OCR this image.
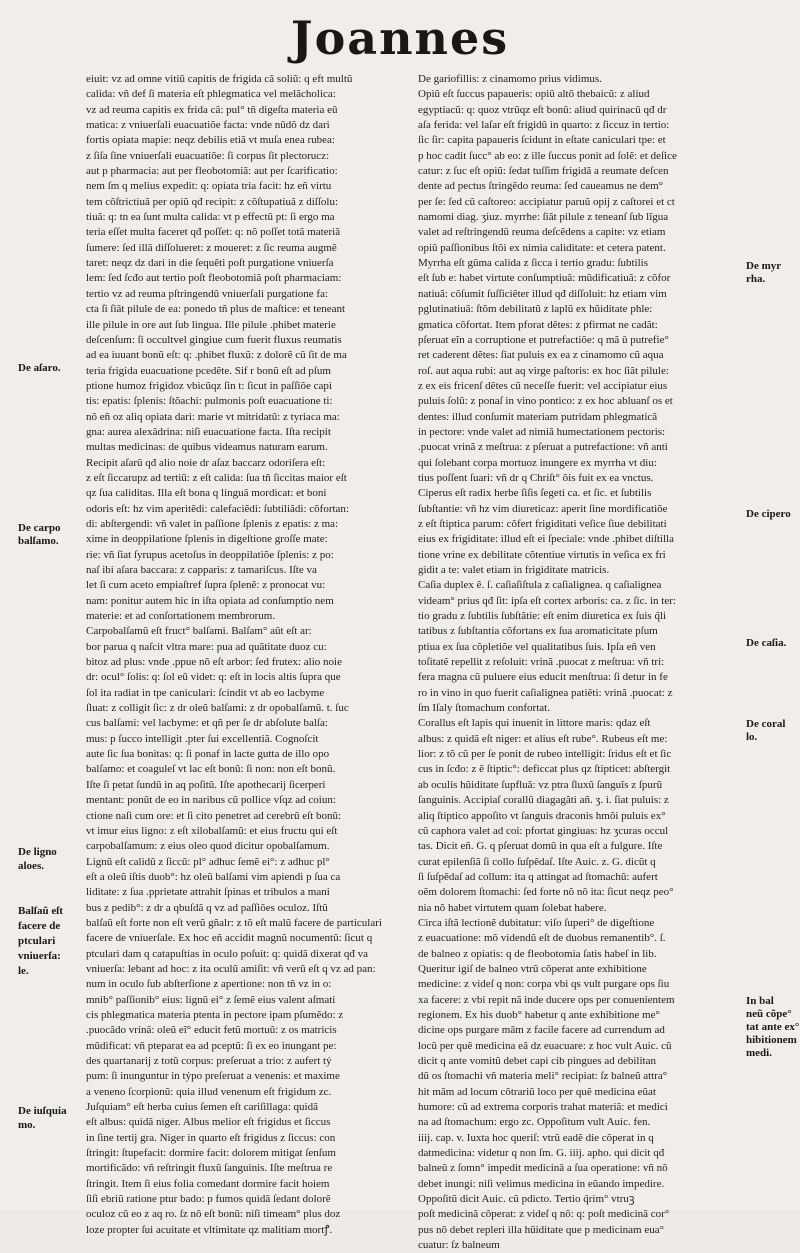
Joannes
eiuit: vz ad omne vitiũ capitis de frigida cã soliũ: q eft multũ
calida: vñ def ſi materia eſt phlegmatica vel melãcholica:
vz ad reuma capitis ex frida cã: pul° tñ digeſta materia eũ
matica: z vniuerſali euacuatiõe facta: vnde nũdõ dz dari
fortis opiata mapie: neqz debilis etiã vt muſa enea rubea:
z ſiſa ſine vniuerſali euacuatiõe: ſi corpus ſit plectorucz:
aut p pharmacia: aut per fleobotomiã: aut per ſcarificatio:
nem ſm q melius expedit: q: opiata tria facit: hz eñ virtu
tem cõſtrictiuã per opiũ qđ recipit: z cõſtupatiuã z diſſolu:
tiuã: q: tn ea ſunt multa calida: vt p effectũ pt: ſi ergo ma
teria eſſet multa faceret qđ poſſet: q: nõ poſſet totã materiã
ſumere: ſed illã diſſolueret: z moueret: z ſic reuma augmẽ
taret: neqz dz dari in die ſequẽti poſt purgatione vniuerſa
lem: ſed ſcđo aut tertio poſt fleobotomiã poſt pharmaciam:
tertio vz ad reuma pſtringendũ vniuerſali purgatione fa:
cta ſi ſiãt pilule de ea: ponedo tñ plus de maſtice: et teneant
ille pilule in ore aut ſub lingua. Ille pilule .phibet materie
deſcenſum: ſi occultvel gingiue cum fuerit fluxus reumatis
ad ea iuuant bonũ eſt: q: .phibet fluxũ: z dolorẽ cũ ſit de ma
teria frigida euacuatione pcedẽte. Sif r bonũ eſt ad pſum
ptione humoz frigidoz vbicũqz ſin t: ſicut in paſſiõe capi
tis: epatis: ſplenis: ſtõachi: pulmonis poſt euacuatione ti:
nõ eñ oz aliq opiata dari: marie vt mitridatũ: z tyriaca ma:
gna: aurea alexãdrina: niſi euacuatione facta. Iſta recipit
multas medicinas: de quibus videamus naturam earum.
Recipit aſarũ qđ alio noie dr aſaz baccarz odoriſera eſt:
z eſt ſiccarupz ad tertiũ: z eſt calida: ſua tñ ſiccitas maior eſt
qz ſua caliditas. Illa eſt bona q linguã mordicat: et boni
odoris eſt: hz vim aperitẽdi: calefaciẽdi: ſubtiliãdi: cõfortan:
di: abſtergendi: vñ valet in paſſione ſplenis z epatis: z ma:
xime in deoppilatione ſplenis in digeſtione groſſe mate:
rie: vñ ſiat ſyrupus acetoſus in deoppilatiõe ſplenis: z po:
naſ ibi aſara baccara: z capparis: z tamariſcus. Iſte va
let ſi cum aceto empiaſtref ſupra ſplenẽ: z pronocat vu:
nam: ponitur autem hic in iſta opiata ad conſumptio nem
materie: et ad conſortationem membrorum.
Carpobalſamũ eſt fruct° balſami. Balſam° aũt eſt ar:
bor parua q naſcit vltra mare: pua ad quãtitate duoz cu:
bitoz ad plus: vnde .ppue nõ eſt arbor: ſed frutex: alio noie
dr: ocul° ſolis: q: ſol eũ videt: q: eſt in locis altis ſupra que
ſol ita radiat in tpe caniculari: ſcindit vt ab eo lacbyme
ſluat: z colligit ſic: z dr oleũ balſami: z dr opobalſamũ. t. ſuc
cus balſami: vel lacbyme: et qñ per ſe dr abſolute balſa:
mus: p ſucco intelligit .pter ſui excellentiã. Cognoſcit
aute ſic ſua bonitas: q: ſi ponaf in lacte gutta de illo opo
balſamo: et coaguleſ vt lac eſt bonũ: ſi non: non eſt bonũ.
Iſte ſi petat ſundũ in aq poſitũ. Iſte apothecarij ſicerperi
mentant: ponũt de eo in naribus cũ pollice vſqz ad coiun:
ctione naſi cum ore: et ſi cito penetret ad cerebrũ eſt bonũ:
vt imur eius ligno: z eſt xilobalſamũ: et eius fructu qui eſt
carpobalſamum: z eius oleo quod dicitur opobalſamum.
Lignũ eſt calidũ z ſiccũ: pl° adhuc ſemẽ ei°: z adhuc pl°
eſt a oleũ iſtis duob°: hz oleũ balſami vim apiendi p ſua ca
liditate: z ſua .pprietate attrahit ſpinas et tribulos a mani
bus z pedib°: z dr a qbuſdã q vz ad paſſiões oculoz. Iſtũ
balſaũ eſt forte non eſt verũ gñalr: z tõ eſt malũ facere de particulari
facere de vniuerſale. Ex hoc eñ accidit magnũ nocumentũ: ſicut q
ptculari dam q catapuſtias in oculo poſuit: q: quidã dixerat qđ va
vniuerſa: lebant ad hoc: z ita oculũ amiſit: vñ verũ eſt q vz ad pan:
num in oculo ſub abſterſione z apertione: non tñ vz in o:
mnib° paſſionib° eius: lignũ ei° z ſemẽ eius valent aſmati
cis phlegmatica materia ptenta in pectore ipam pſumẽdo: z
.puocãdo vrinã: oleũ eĩ° educit fetũ mortuũ: z os matricis
mũdificat: vñ pteparat ea ad pceptũ: ſi ex eo inungant pe:
des quartanarij z totũ corpus: preſeruat a trio: z aufert tẏ
pum: ſi inunguntur in tẏpo preſeruat a venenis: et maxime
a veneno ſcorpionũ: quia illud venenum eſt frigidum zc.
Juſquiam° eſt herba cuius ſemen eſt cariſillaga: quidã
eſt albus: quidã niger. Albus melior eſt frigidus et ſiccus
in ſine tertij gra. Niger in quarto eſt frigidus z ſiccus: con
ſtringit: ſtupefacit: dormire facit: dolorem mitigat ſenſum
mortificãdo: vñ reſtringit fluxũ ſanguinis. Iſte meſtrua re
ſtringit. Item ſi eius folia comedant dormire facit hoiem
ſiſi ebriũ ratione ptur bado: p fumos quidã ſedant dolorẽ
oculoz cũ eo z aq ro. ſz nõ eſt bonũ: niſi timeam° plus doz
loze propter ſui acuitate et vltimitate qz malitiam mortꝭ.
De gariofillis: z cinamomo prius vidimus.
Opiũ eſt ſuccus papaueris: opiũ altõ thebaicũ: z aliud
egyptiacũ: q: quoz vtrũqz eſt bonũ: aliud quirinacũ qđ dr
aſa ferida: vel laſar eſt frigidũ in quarto: z ſiccuz in tertio:
ſic ſir: capita papaueris ſcidunt in eſtate caniculari tpe: et
p hoc cadit ſucc° ab eo: z ille ſuccus ponit ad ſolẽ: et deſice
catur: z ſuc eſt opiũ: ſedat tuſſim frigidã a reumate deſcen
dente ad pectus ſtringẽdo reuma: ſed caueamus ne dem°
per ſe: ſed cũ caſtoreo: accipiatur paruũ opij z caſtorei et ct
namomi diag. ʒiuz. myrrhe: ſiãt pilule z teneanſ ſub lĩgua
valet ad reſtringendũ reuma deſcẽdens a capite: vz etiam
opiũ paſſionibus ſtõi ex nimia caliditate: et cetera patent.
Myrrha eſt gũma calida z ſicca i tertio gradu: ſubtilis
eſt ſub e: habet virtute conſumptiuã: mũdificatiuã: z cõfor
natiuã: cõſumit ſuſſiciẽter illud qđ diſſoluit: hz etiam vim
pglutinatiuã: ſtõm debilitatũ z laplũ ex hũiditate phle:
gmatica cõfortat. Item pforat dẽtes: z pfirmat ne cadãt:
pſeruat eĩn a corruptione et putrefactiõe: q mã ŭ putrefie°
ret caderent dẽtes: ſiat puluis ex ea z cinamomo cũ aqua
roſ. aut aqua rubi: aut aq virge paſtoris: ex hoc ſiãt pilule:
z ex eis fricenſ dẽtes cũ neceſſe fuerit: vel accipiatur eius
puluis ſolũ: z ponaſ in vino pontico: z ex hoc abluanſ os et
dentes: illud conſumit materiam putridam phlegmaticã
in pectore: vnde valet ad nimiã humectationem pectoris:
.puocat vrinã z meſtrua: z pſeruat a putrefactione: vñ anti
qui ſolebant corpa mortuoz inungere ex myrrha vt diu:
tius poſſent ſuari: vñ dr q Chriſt° õis fuit ex ea vnctus.
Ciperus eſt radix herbe ſiſis ſegeti ca. et ſic. et ſubtilis
ſubſtantie: vñ hz vim diureticaz: aperit ſine mordificatiõe
z eſt ſtiptica parum: cõfert frigiditati veſice ſiue debilitati
eius ex frigiditate: illud eſt ei ſpeciale: vnde .phibet diſtilla
tione vrine ex debilitate cõtentiue virtutis in veſica ex fri
gidit a te: valet etiam in frigiditate matricis.
Caſia duplex ẽ. ſ. caſiaſiſtula z caſialignea. q caſialignea
videam° prius qđ ſit: ipſa eſt cortex arboris: ca. z ſic. in ter:
tio gradu z ſubtilis ſubſtãtie: eſt enim diuretica ex ſuis q̃li
tatibus z ſubſtantia cõfortans ex ſua aromaticitate pſum
ptiua ex ſua cõpletiõe vel qualitatibus ſuis. Ipſa eñ ven
toſitatẽ repellit z reſoluit: vrinã .puocat z meſtrua: vñ tri:
fera magna cũ puluere eius educit menſtrua: ſi detur in fe
ro in vino in quo fuerit caſialignea patiẽti: vrinã .puocat: z
ſm Iſaly ſtomachum confortat.
Corallus eſt lapis qui inuenit in littore maris: qdaz eſt
albus: z quidã eſt niger: et alius eſt rube°. Rubeus eſt me:
lior: z tõ cũ per ſe ponit de rubeo intelligit: ſridus eſt et ſic
cus in ſcđo: z ẽ ſtiptic°: deficcat plus qz ſtipticet: abſtergit
ab oculis hũiditate ſupfluã: vz ptra ſluxũ ſanguĩs z ſpurũ
ſanguinis. Accipiaſ corallũ diagagãti añ. ʒ. i. ſiat puluis: z
aliq ſtiptico appoſito vt ſanguis draconis hmõi puluis ex°
cũ caphora valet ad coi: pfortat gingiuas: hz ʒcuras occul
tas. Dicit eñ. G. q pſeruat domũ in qua eſt a fulgure. Iſte
curat epilenſiã ſi collo ſuſpẽdaſ. Iſte Auic. z. G. dicũt q
ſi ſuſpẽdaſ ad collum: ita q attingat ad ſtomachũ: aufert
oẽm dolorem ſtomachi: ſed forte nõ nõ ita: ſicut neqz peo°
nia nõ habet virtutem quam ſolebat habere.
Circa iſtã lectionẽ dubitatur: viſo ſuperi° de digeſtione
z euacuatione: mõ videndũ eſt de duobus remanentib°. ſ.
de balneo z opiatis: q de fleobotomia ſatis habeſ in lib.
Queritur igiſ de balneo vtrũ cõperat ante exhibitione
medicine: z videſ q non: corpa vbi qs vult purgare ops ſiu
xa facere: z vbi repit nã inde ducere ops per conuenientem
regionem. Ex his duob° habetur q ante exhibitione me°
dicine ops purgare mãm z facile facere ad currendum ad
locũ per quẽ medicina eã dz euacuare: z hoc vult Auic. cũ
dicit q ante vomitũ debet capi cib pingues ad debilitan
dũ os ſtomachi vñ materia meli° recipiat: ſz balneũ attra°
hit mãm ad locum cõtrariũ loco per quẽ medicina eũat
humore: cũ ad extrema corporis trahat materiã: et medici
na ad ſtomachum: ergo zc. Oppoſitum vult Auic. fen.
iiij. cap. v. Iuxta hoc queriſ: vtrũ eadẽ die cõperat in q
datmedicina: videtur q non ſm. G. iiij. apho. qui dicit qđ
balneũ z ſomn° impedit medicinã a ſua operatione: vñ nõ
debet inungi: niſi velimus medicina in eũando impedire.
Oppoſitũ dicit Auic. cũ pdicto. Tertio q̃rim° vtruꝫ
poſt medicinã cõperat: z videſ q nõ: q: poſt medicinã cor°
pus nõ debet repleri illa hũiditate que p medicinam eua°
cuatur: ſz balneum
De aſaro.
De carpo
balſamo.
De ligno
aloes.
Balſaũ eſt
facere de
ptculari
vniuerſa:
le.
De iuſquia
mo.
De myr
rha.
De cipero
De caſia.
De coral
lo.
In bal
neũ cõpe°
tat ante ex°
hibitionem
medi.
